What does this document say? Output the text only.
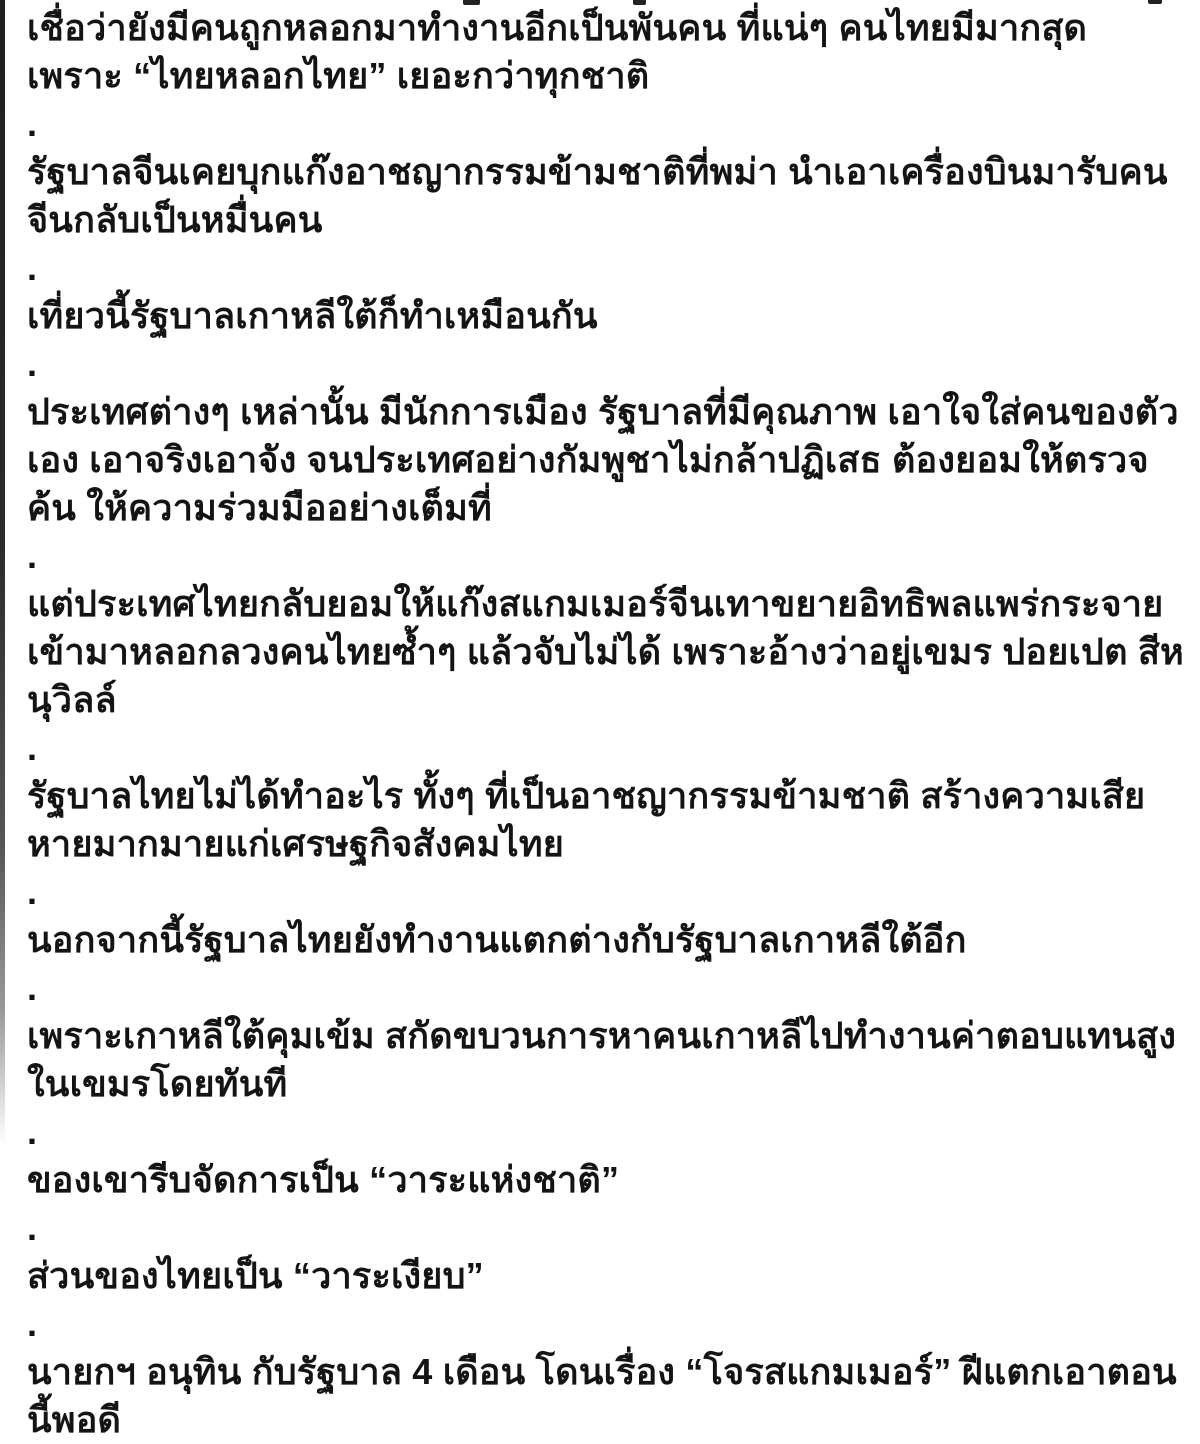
เชื่อว่ายังมีคนถูกหลอกมาทำงานอีกเป็นพันคน ที่แน่ๆ คนไทยมีมากสุด เพราะ “ไทยหลอกไทย” เยอะกว่าทุกชาติ

.

รัฐบาลจีนเคยบุกแก๊งอาชญากรรมข้ามชาติที่พม่า นำเอาเครื่องบินมารับคนจีนกลับเป็นหมื่นคน

.

เที่ยวนี้รัฐบาลเกาหลีใต้ก็ทำเหมือนกัน

.

ประเทศต่างๆ เหล่านั้น มีนักการเมือง รัฐบาลที่มีคุณภาพ เอาใจใส่คนของตัวเอง เอาจริงเอาจัง จนประเทศอย่างกัมพูชาไม่กล้าปฏิเสธ ต้องยอมให้ตรวจค้น ให้ความร่วมมืออย่างเต็มที่

.

แต่ประเทศไทยกลับยอมให้แก๊งสแกมเมอร์จีนเทาขยายอิทธิพลแพร่กระจายเข้ามาหลอกลวงคนไทยซ้ำๆ แล้วจับไม่ได้ เพราะอ้างว่าอยู่เขมร ปอยเปต สีหนุวิลล์

.

รัฐบาลไทยไม่ได้ทำอะไร ทั้งๆ ที่เป็นอาชญากรรมข้ามชาติ สร้างความเสียหายมากมายแก่เศรษฐกิจสังคมไทย

.

นอกจากนี้รัฐบาลไทยยังทำงานแตกต่างกับรัฐบาลเกาหลีใต้อีก

.

เพราะเกาหลีใต้คุมเข้ม สกัดขบวนการหาคนเกาหลีไปทำงานค่าตอบแทนสูงในเขมรโดยทันที

.

ของเขารีบจัดการเป็น “วาระแห่งชาติ”

.

ส่วนของไทยเป็น “วาระเงียบ”

.

นายกฯ อนุทิน กับรัฐบาล 4 เดือน โดนเรื่อง “โจรสแกมเมอร์” ฝีแตกเอาตอนนี้พอดี
